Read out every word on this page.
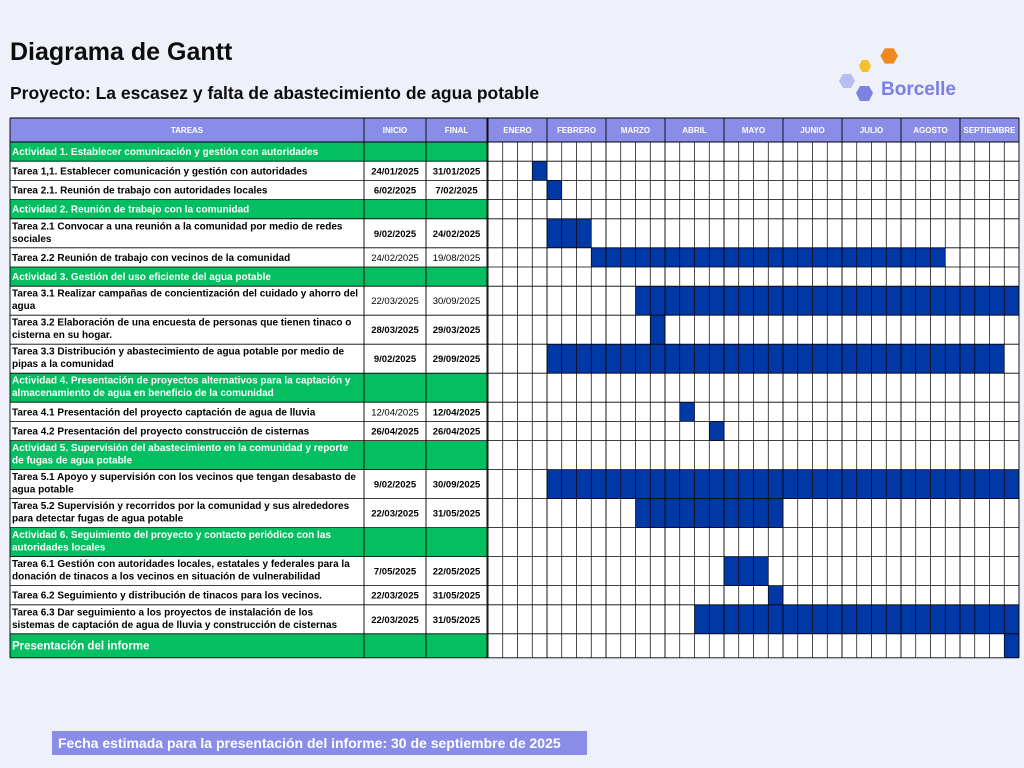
Diagrama de Gantt
Proyecto: La escasez y falta de abastecimiento de agua potable	Borcelle
TAREAS	INICIO	FINAL	ENERO	FEBRERO	MARZO	ABRIL	MAYO	JUNIO	JULIO	AGOSTO SEPTIEMBRE
Actividad 1. Establecer comunicación y gestión con autoridades
Tarea 1,1. Establecer comunicación y gestión con autoridades	24/01/2025 31/01/2025
Tarea 2.1. Reunión de trabajo con autoridades locales	6/02/2025 7/02/2025
Actividad 2. Reunión de trabajo con la comunidad
Tarea 2.1 Convocar a una reunión a la comunidad por medio de redes
sociales	9/02/2025 24/02/2025
Tarea 2.2 Reunión de trabajo con vecinos de la comunidad	24/02/2025 19/08/2025
Actividad 3. Gestión del uso eficiente del agua potable
Tarea 3.1 Realizar campañas de concientización del cuidado y ahorro del
agua	22/03/2025 30/09/2025
Tarea 3.2 Elaboración de una encuesta de personas que tienen tinaco o
cisterna en su hogar.	28/03/2025 29/03/2025
Tarea 3.3 Distribución y abastecimiento de agua potable por medio de
pipas a la comunidad	9/02/2025 29/09/2025
Actividad 4. Presentación de proyectos alternativos para la captación y
almacenamiento de agua en beneficio de la comunidad
Tarea 4.1 Presentación del proyecto captación de agua de lluvia	12/04/2025 12/04/2025
Tarea 4.2 Presentación del proyecto construcción de cisternas	26/04/2025 26/04/2025
Actividad 5. Supervisión del abastecimiento en la comunidad y reporte
de fugas de agua potable
Tarea 5.1 Apoyo y supervisión con los vecinos que tengan desabasto de
agua potable	9/02/2025 30/09/2025
Tarea 5.2 Supervisión y recorridos por la comunidad y sus alrededores
para detectar fugas de agua potable	22/03/2025 31/05/2025
Actividad 6. Seguimiento del proyecto y contacto periódico con las
autoridades locales
Tarea 6.1 Gestión con autoridades locales, estatales y federales para la
donación de tinacos a los vecinos en situación de vulnerabilidad	7/05/2025 22/05/2025
Tarea 6.2 Seguimiento y distribución de tinacos para los vecinos.	22/03/2025 31/05/2025
Tarea 6.3 Dar seguimiento a los proyectos de instalación de los
sistemas de captación de agua de lluvia y construcción de cisternas	22/03/2025 31/05/2025
Presentación del informe
Fecha estimada para la presentación del informe: 30 de septiembre de 2025
